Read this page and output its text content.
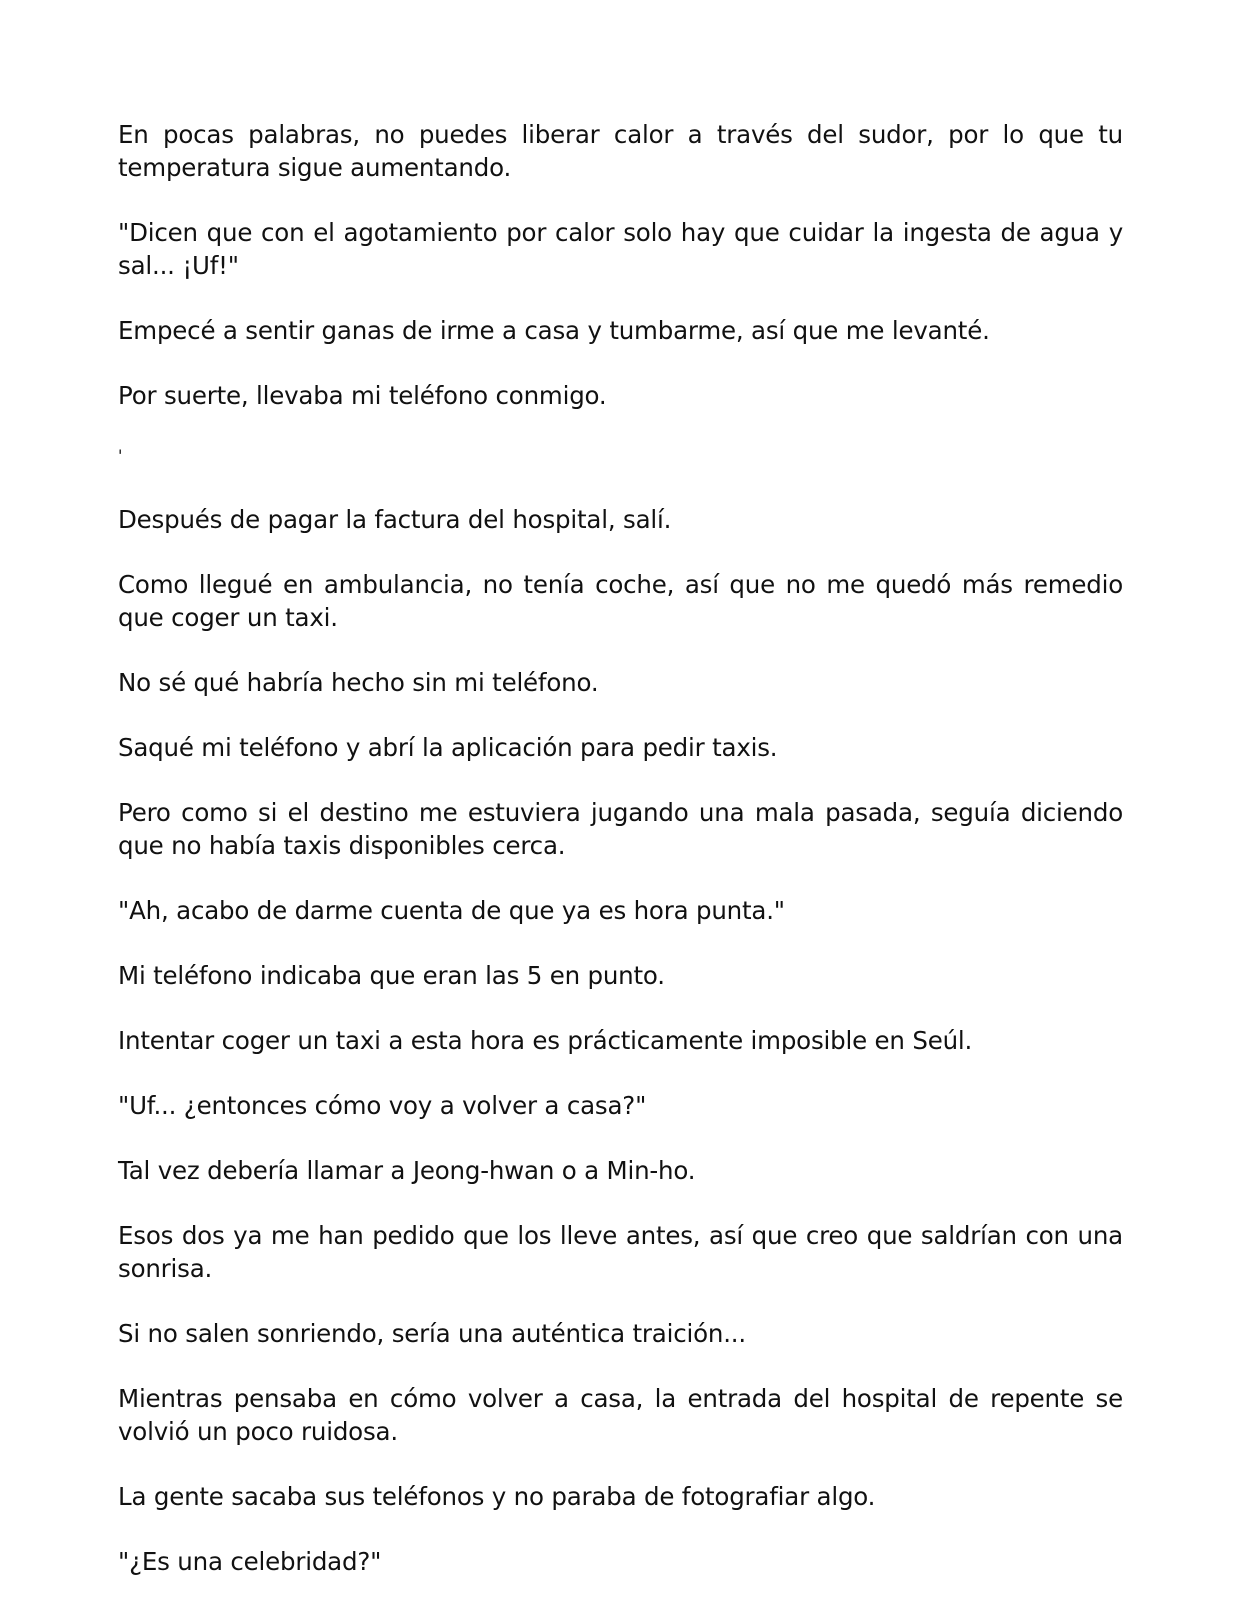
En pocas palabras, no puedes liberar calor a través del sudor, por lo que tu temperatura sigue aumentando.

"Dicen que con el agotamiento por calor solo hay que cuidar la ingesta de agua y sal... ¡Uf!"

Empecé a sentir ganas de irme a casa y tumbarme, así que me levanté.

Por suerte, llevaba mi teléfono conmigo.

Después de pagar la factura del hospital, salí.

Como llegué en ambulancia, no tenía coche, así que no me quedó más remedio que coger un taxi.

No sé qué habría hecho sin mi teléfono.

Saqué mi teléfono y abrí la aplicación para pedir taxis.

Pero como si el destino me estuviera jugando una mala pasada, seguía diciendo que no había taxis disponibles cerca.

"Ah, acabo de darme cuenta de que ya es hora punta."

Mi teléfono indicaba que eran las 5 en punto.

Intentar coger un taxi a esta hora es prácticamente imposible en Seúl.

"Uf... ¿entonces cómo voy a volver a casa?"

Tal vez debería llamar a Jeong-hwan o a Min-ho.

Esos dos ya me han pedido que los lleve antes, así que creo que saldrían con una sonrisa.

Si no salen sonriendo, sería una auténtica traición...

Mientras pensaba en cómo volver a casa, la entrada del hospital de repente se volvió un poco ruidosa.

La gente sacaba sus teléfonos y no paraba de fotografiar algo.

"¿Es una celebridad?"

'
